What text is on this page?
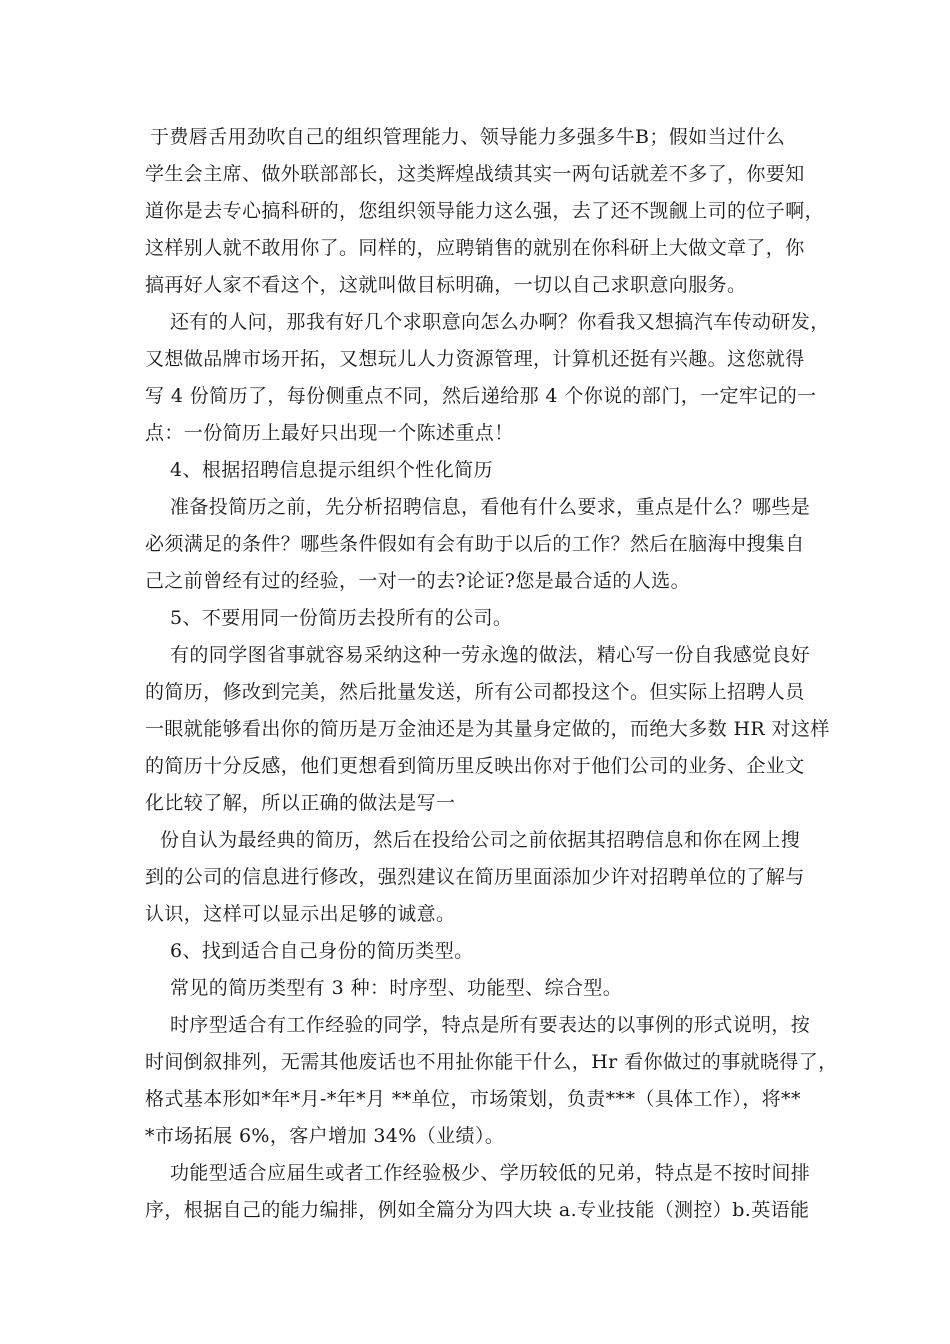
于费唇舌用劲吹自己的组织管理能力、领导能力多强多牛B；假如当过什么
学生会主席、做外联部部长，这类辉煌战绩其实一两句话就差不多了，你要知
道你是去专心搞科研的，您组织领导能力这么强，去了还不觊觎上司的位子啊，
这样别人就不敢用你了。同样的，应聘销售的就别在你科研上大做文章了，你
搞再好人家不看这个，这就叫做目标明确，一切以自己求职意向服务。
还有的人问，那我有好几个求职意向怎么办啊？你看我又想搞汽车传动研发，
又想做品牌市场开拓，又想玩儿人力资源管理，计算机还挺有兴趣。这您就得
写 4 份简历了，每份侧重点不同，然后递给那 4 个你说的部门，一定牢记的一
点：一份简历上最好只出现一个陈述重点！
4、根据招聘信息提示组织个性化简历
准备投简历之前，先分析招聘信息，看他有什么要求，重点是什么？哪些是
必须满足的条件？哪些条件假如有会有助于以后的工作？然后在脑海中搜集自
己之前曾经有过的经验，一对一的去?论证?您是最合适的人选。
5、不要用同一份简历去投所有的公司。
有的同学图省事就容易采纳这种一劳永逸的做法，精心写一份自我感觉良好
的简历，修改到完美，然后批量发送，所有公司都投这个。但实际上招聘人员
一眼就能够看出你的简历是万金油还是为其量身定做的，而绝大多数 HR 对这样
的简历十分反感，他们更想看到简历里反映出你对于他们公司的业务、企业文
化比较了解，所以正确的做法是写一
份自认为最经典的简历，然后在投给公司之前依据其招聘信息和你在网上搜
到的公司的信息进行修改，强烈建议在简历里面添加少许对招聘单位的了解与
认识，这样可以显示出足够的诚意。
6、找到适合自己身份的简历类型。
常见的简历类型有 3 种：时序型、功能型、综合型。
时序型适合有工作经验的同学，特点是所有要表达的以事例的形式说明，按
时间倒叙排列，无需其他废话也不用扯你能干什么，Hr 看你做过的事就晓得了，
格式基本形如*年*月-*年*月 **单位，市场策划，负责***（具体工作），将**
*市场拓展 6%，客户增加 34%（业绩）。
功能型适合应届生或者工作经验极少、学历较低的兄弟，特点是不按时间排
序，根据自己的能力编排，例如全篇分为四大块 a.专业技能（测控）b.英语能
